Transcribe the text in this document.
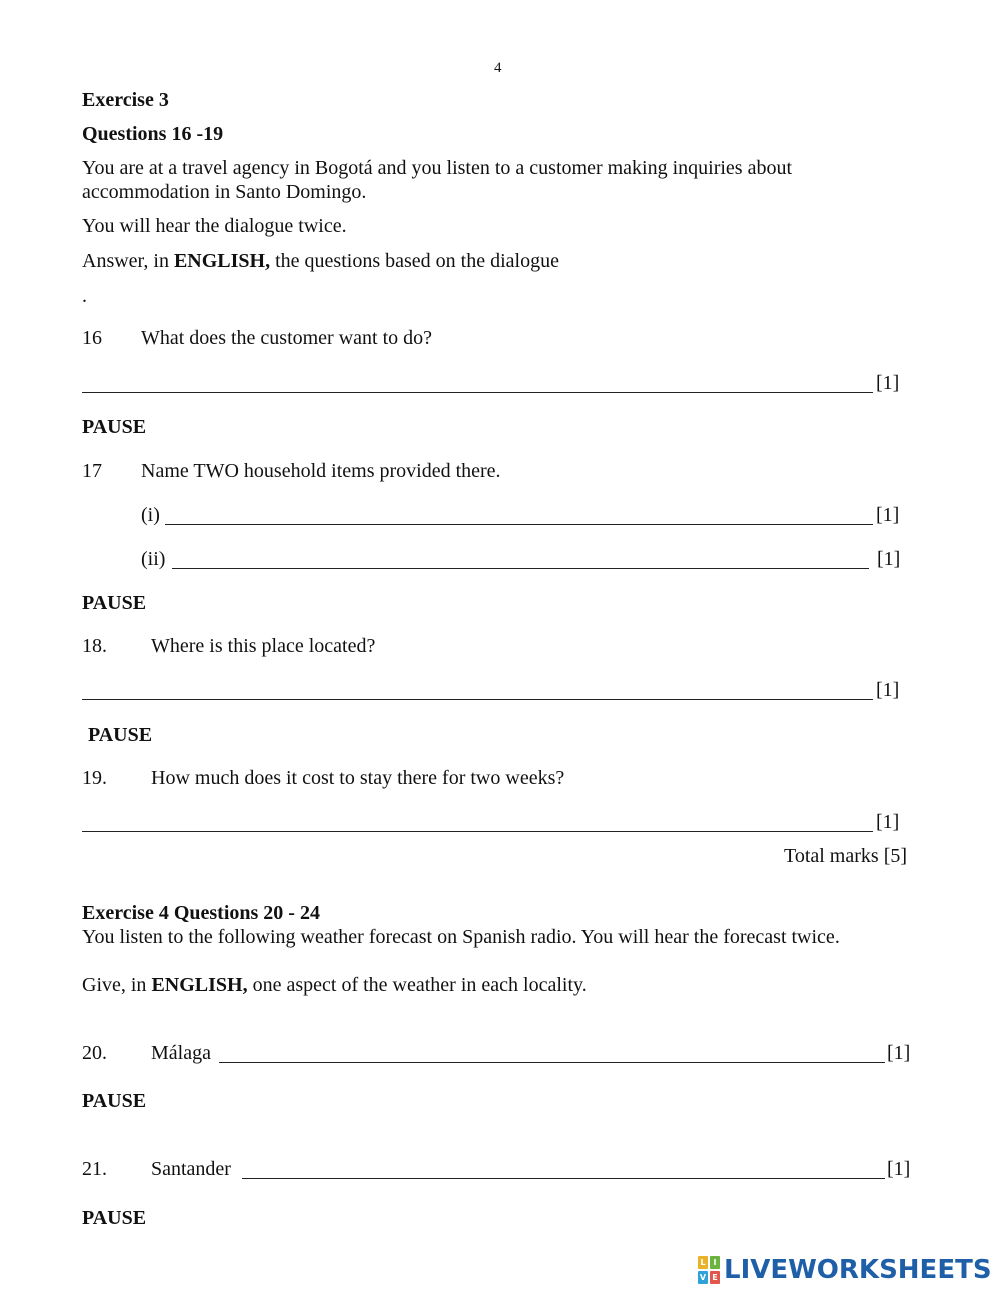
4
Exercise 3
Questions 16 -19
You are at a travel agency in Bogotá and you listen to a customer making inquiries about
accommodation in Santo Domingo.
You will hear the dialogue twice.
Answer, in ENGLISH, the questions based on the dialogue
.
16 What does the customer want to do?
[1]
PAUSE
17 Name TWO household items provided there.
(i)	[1]
(ii)	[1]
PAUSE
18. Where is this place located?
[1]
PAUSE
19. How much does it cost to stay there for two weeks?
[1]
Total marks [5]
Exercise 4 Questions 20 - 24
You listen to the following weather forecast on Spanish radio. You will hear the forecast twice.
Give, in ENGLISH, one aspect of the weather in each locality.
20. Málaga	[1]
PAUSE
21. Santander	[1]
PAUSE
L I
V E LIVEWORKSHEETS
